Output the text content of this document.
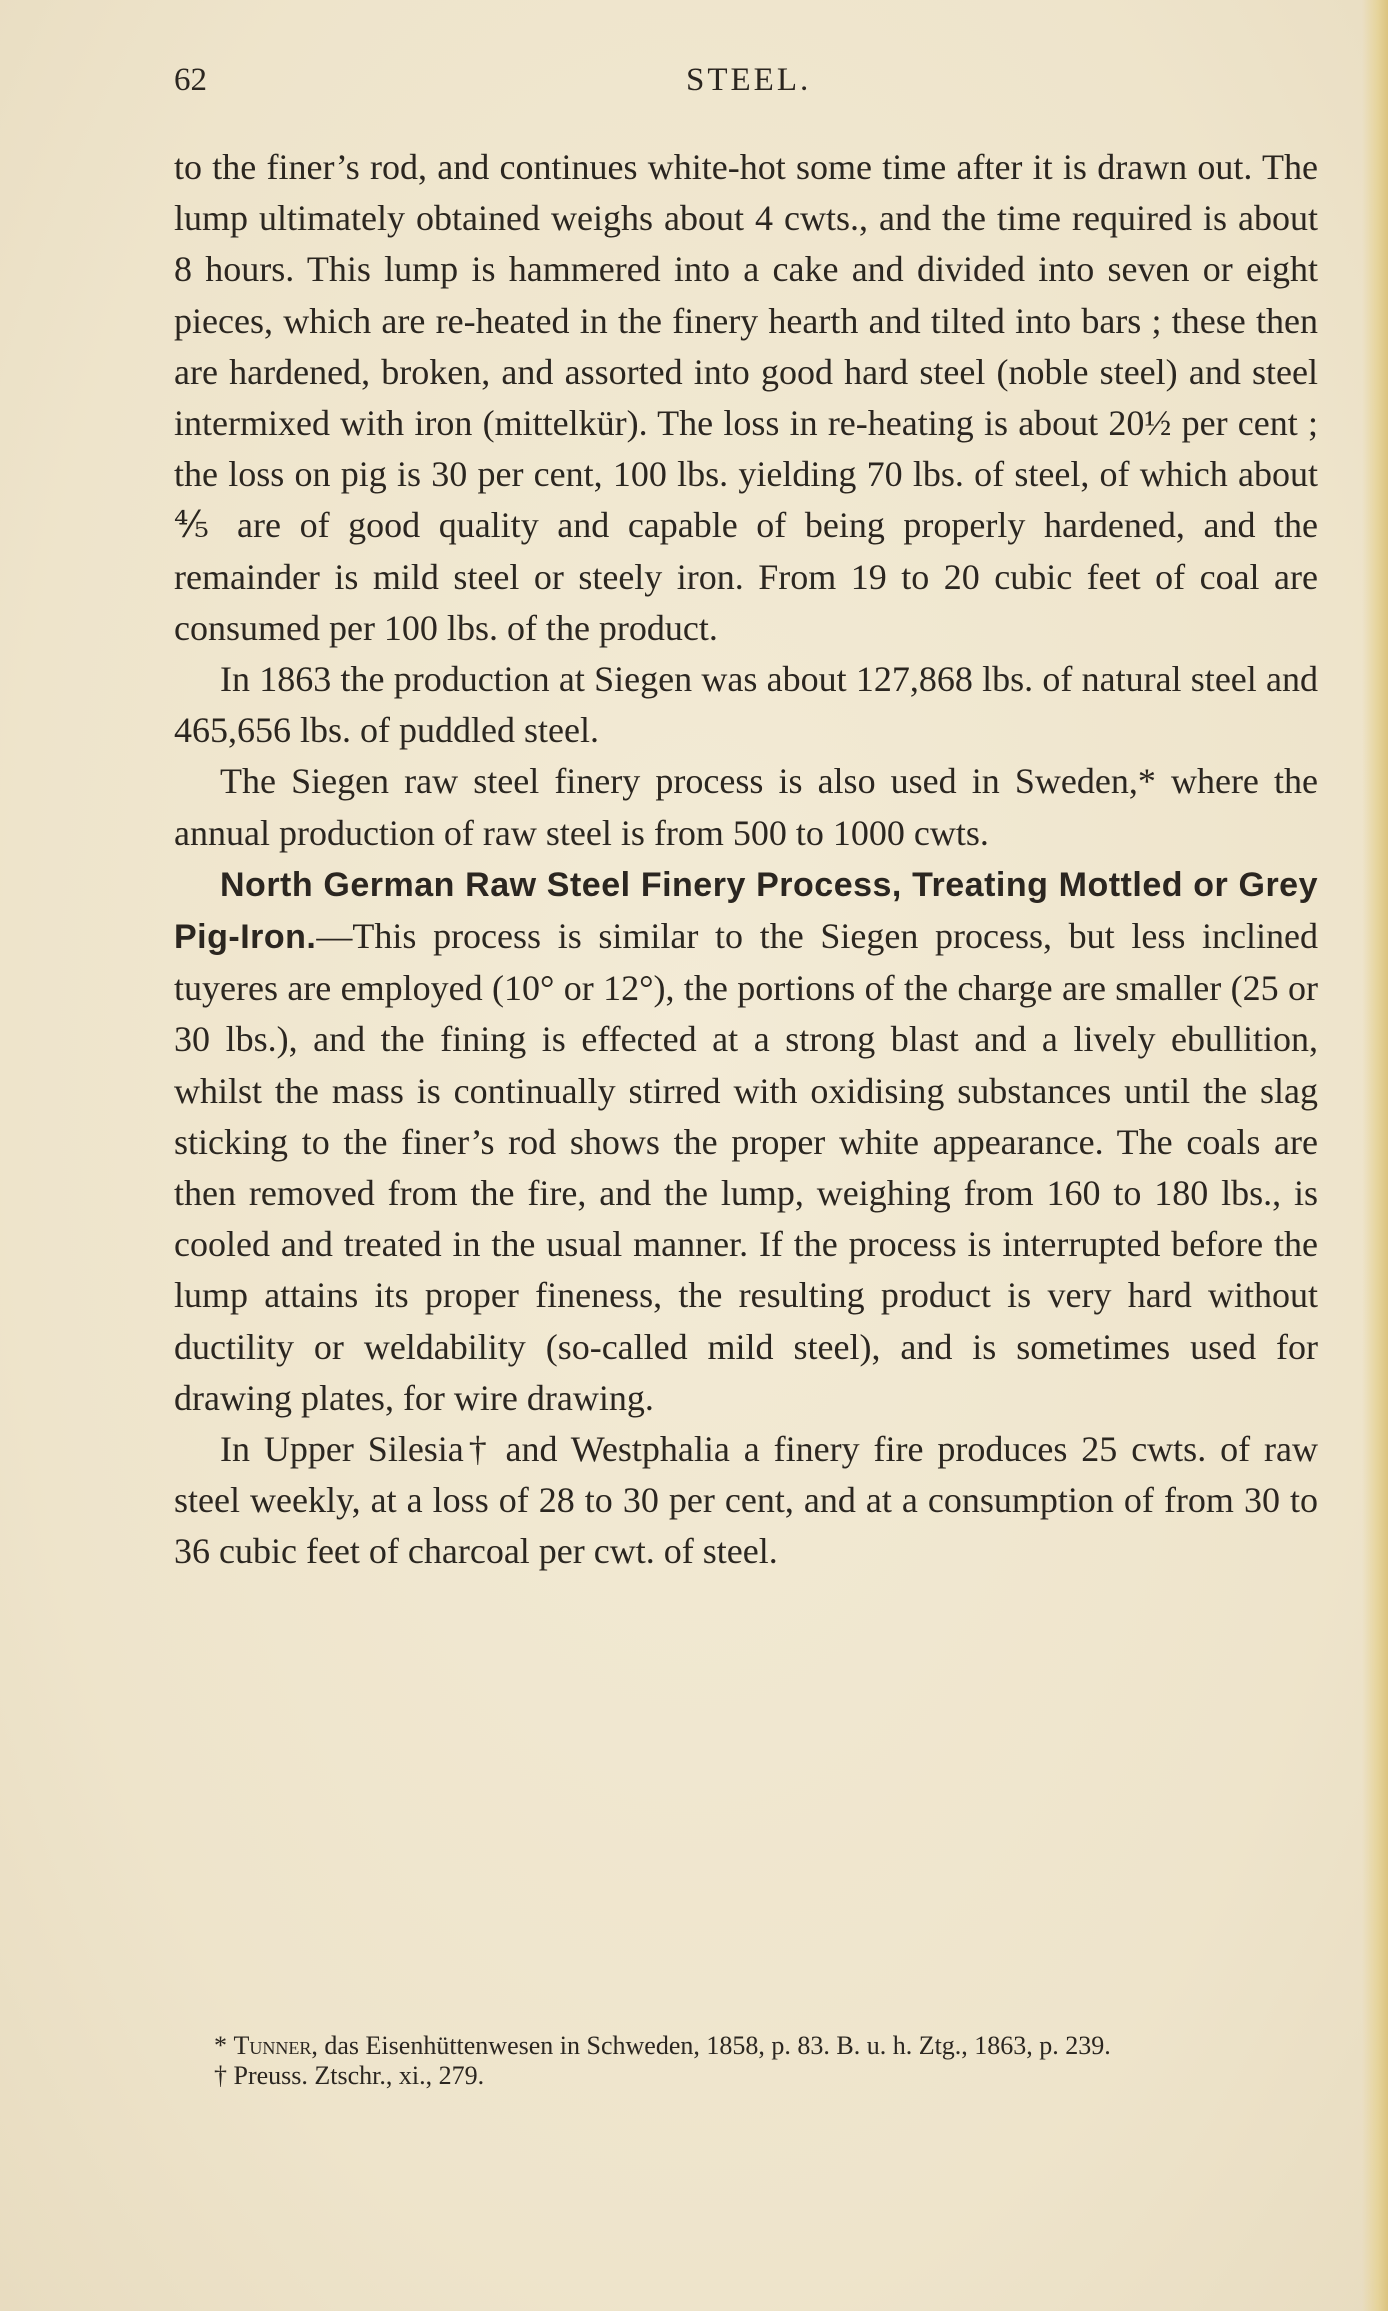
62	STEEL.

to the finer’s rod, and continues white-hot some time after it is drawn out. The lump ultimately obtained weighs about 4 cwts., and the time required is about 8 hours. This lump is hammered into a cake and divided into seven or eight pieces, which are re-heated in the finery hearth and tilted into bars ; these then are hardened, broken, and assorted into good hard steel (noble steel) and steel intermixed with iron (mittelkür). The loss in re-heating is about 20½ per cent ; the loss on pig is 30 per cent, 100 lbs. yielding 70 lbs. of steel, of which about ⅘ are of good quality and capable of being properly hardened, and the remainder is mild steel or steely iron. From 19 to 20 cubic feet of coal are consumed per 100 lbs. of the product.

In 1863 the production at Siegen was about 127,868 lbs. of natural steel and 465,656 lbs. of puddled steel.

The Siegen raw steel finery process is also used in Sweden,* where the annual production of raw steel is from 500 to 1000 cwts.

North German Raw Steel Finery Process, Treating Mottled or Grey Pig-Iron.—This process is similar to the Siegen process, but less inclined tuyeres are employed (10° or 12°), the portions of the charge are smaller (25 or 30 lbs.), and the fining is effected at a strong blast and a lively ebullition, whilst the mass is continually stirred with oxidising substances until the slag sticking to the finer’s rod shows the proper white appearance. The coals are then removed from the fire, and the lump, weighing from 160 to 180 lbs., is cooled and treated in the usual manner. If the process is interrupted before the lump attains its proper fineness, the resulting product is very hard without ductility or weldability (so-called mild steel), and is sometimes used for drawing plates, for wire drawing.

In Upper Silesia† and Westphalia a finery fire produces 25 cwts. of raw steel weekly, at a loss of 28 to 30 per cent, and at a consumption of from 30 to 36 cubic feet of charcoal per cwt. of steel.

* Tunner, das Eisenhüttenwesen in Schweden, 1858, p. 83. B. u. h. Ztg., 1863, p. 239.

† Preuss. Ztschr., xi., 279.
